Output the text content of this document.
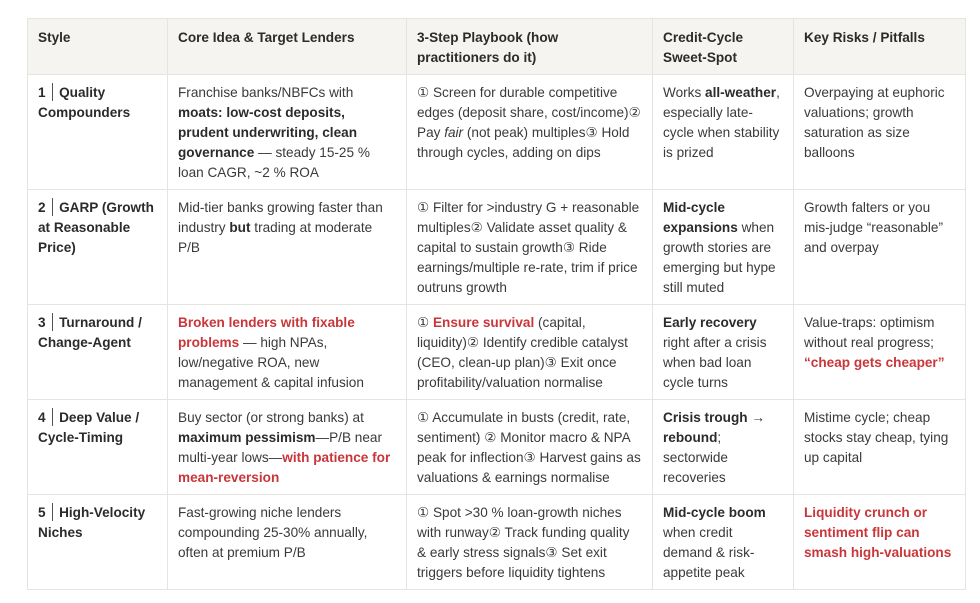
Style	Core Idea & Target Lenders	3-Step Playbook (how practitioners do it)	Credit-Cycle Sweet-Spot	Key Risks / Pitfalls
1 Quality Compounders	Franchise banks/NBFCs with moats: low-cost deposits, prudent underwriting, clean governance — steady 15-25 % loan CAGR, ~2 % ROA	① Screen for durable competitive edges (deposit share, cost/income)② Pay fair (not peak) multiples③ Hold through cycles, adding on dips	Works all-weather, especially late-cycle when stability is prized	Overpaying at euphoric valuations; growth saturation as size balloons
2 GARP (Growth at Reasonable Price)	Mid-tier banks growing faster than industry but trading at moderate P/B	① Filter for >industry G + reasonable multiples② Validate asset quality & capital to sustain growth③ Ride earnings/multiple re-rate, trim if price outruns growth	Mid-cycle expansions when growth stories are emerging but hype still muted	Growth falters or you mis-judge “reasonable” and overpay
3 Turnaround / Change-Agent	Broken lenders with fixable problems — high NPAs, low/negative ROA, new management & capital infusion	① Ensure survival (capital, liquidity)② Identify credible catalyst (CEO, clean-up plan)③ Exit once profitability/valuation normalise	Early recovery right after a crisis when bad loan cycle turns	Value-traps: optimism without real progress; “cheap gets cheaper”
4 Deep Value / Cycle-Timing	Buy sector (or strong banks) at maximum pessimism—P/B near multi-year lows—with patience for mean-reversion	① Accumulate in busts (credit, rate, sentiment) ② Monitor macro & NPA peak for inflection③ Harvest gains as valuations & earnings normalise	Crisis trough → rebound; sectorwide recoveries	Mistime cycle; cheap stocks stay cheap, tying up capital
5 High-Velocity Niches	Fast-growing niche lenders compounding 25-30% annually, often at premium P/B	① Spot >30 % loan-growth niches with runway② Track funding quality & early stress signals③ Set exit triggers before liquidity tightens	Mid-cycle boom when credit demand & risk-appetite peak	Liquidity crunch or sentiment flip can smash high-valuations
